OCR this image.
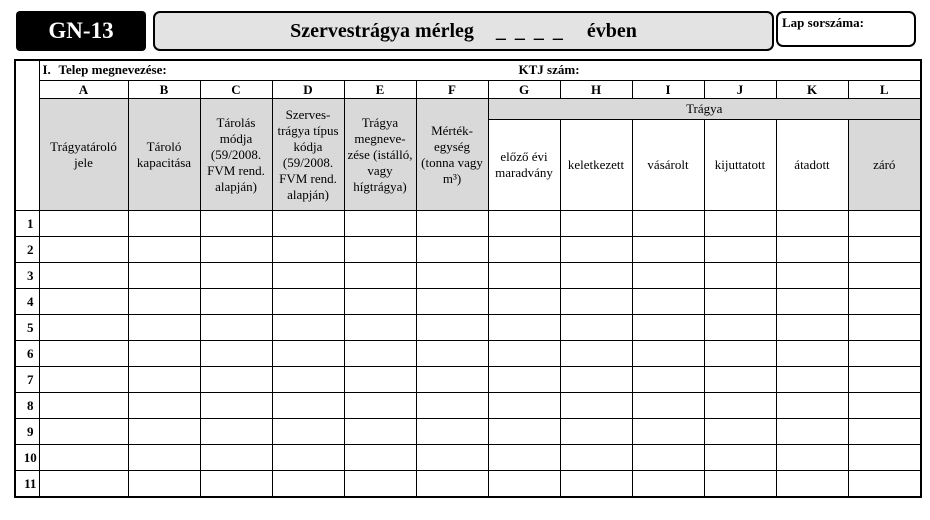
GN-13	Szervestrágya mérleg _ _ _ _ évben	Lap sorszáma:

	I. Telep megnevezése: KTJ szám:											

	A	B	C	D	E	F	G	H	I	J	K	L
	Trágyatároló jele	Tároló kapacitása	Tárolás módja (59/2008. FVM rend. alapján)	Szerves-trágya típus kódja (59/2008. FVM rend. alapján)	Trágya megneve-zése (istálló, vagy hígtrágya)	Mérték-egység (tonna vagy m³)	Trágya					
							előző évi maradvány	keletkezett	vásárolt	kijuttatott	átadott	záró
1												
2												
3												
4												
5												
6												
7												
8												
9												
10												
11												
